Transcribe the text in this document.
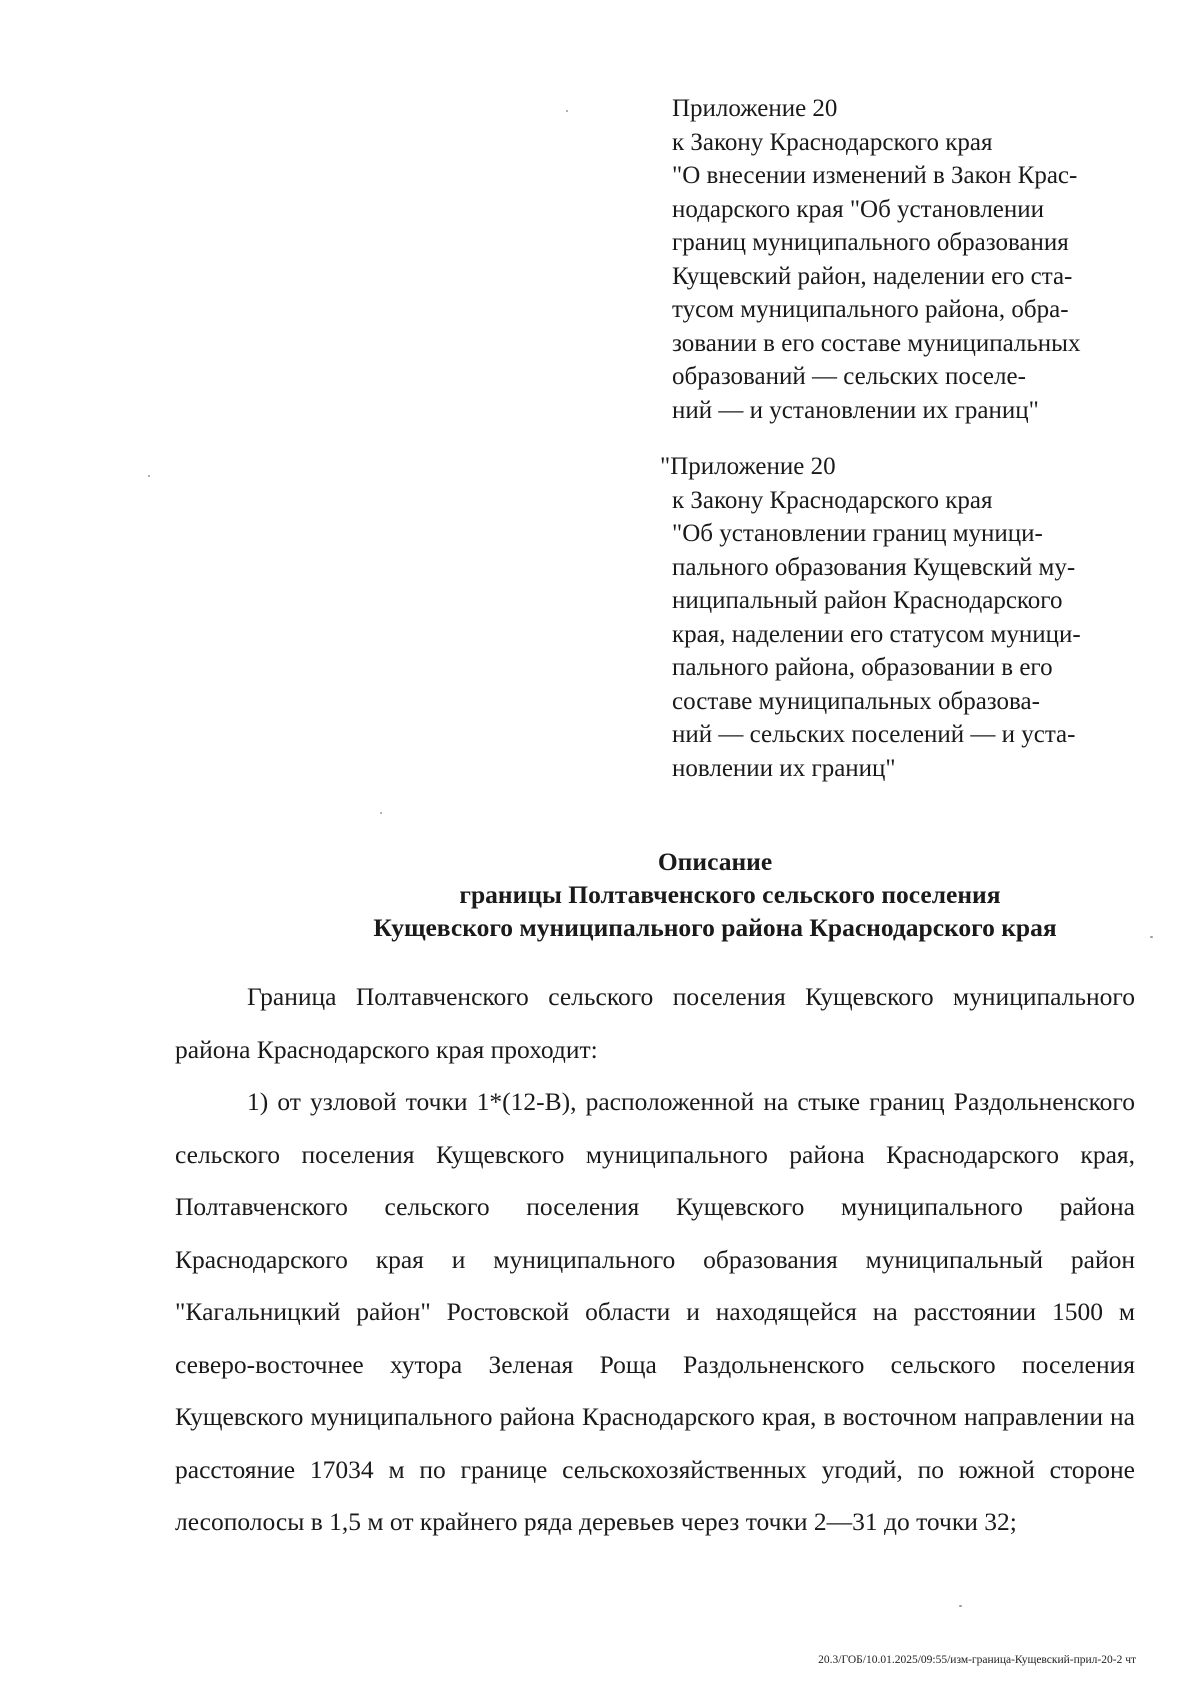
Приложение 20
к Закону Краснодарского края
"О внесении изменений в Закон Крас-
нодарского края "Об установлении
границ муниципального образования
Кущевский район, наделении его ста-
тусом муниципального района, обра-
зовании в его составе муниципальных
образований — сельских поселе-
ний — и установлении их границ"
"Приложение 20
к Закону Краснодарского края
"Об установлении границ муници-
пального образования Кущевский му-
ниципальный район Краснодарского
края, наделении его статусом муници-
пального района, образовании в его
составе муниципальных образова-
ний — сельских поселений — и уста-
новлении их границ"
Описание
границы Полтавченского сельского поселения
Кущевского муниципального района Краснодарского края

Граница Полтавченского сельского поселения Кущевского муниципального района Краснодарского края проходит:

1) от узловой точки 1*(12-В), расположенной на стыке границ Раздольненского сельского поселения Кущевского муниципального района Краснодарского края, Полтавченского сельского поселения Кущевского муниципального района Краснодарского края и муниципального образования муниципальный район "Кагальницкий район" Ростовской области и находящейся на расстоянии 1500 м северо-восточнее хутора Зеленая Роща Раздольненского сельского поселения Кущевского муниципального района Краснодарского края, в восточном направлении на расстояние 17034 м по границе сельскохозяйственных угодий, по южной стороне лесополосы в 1,5 м от крайнего ряда деревьев через точки 2—31 до точки 32;

20.3/ГОБ/10.01.2025/09:55/изм-граница-Кущевский-прил-20-2 чт
